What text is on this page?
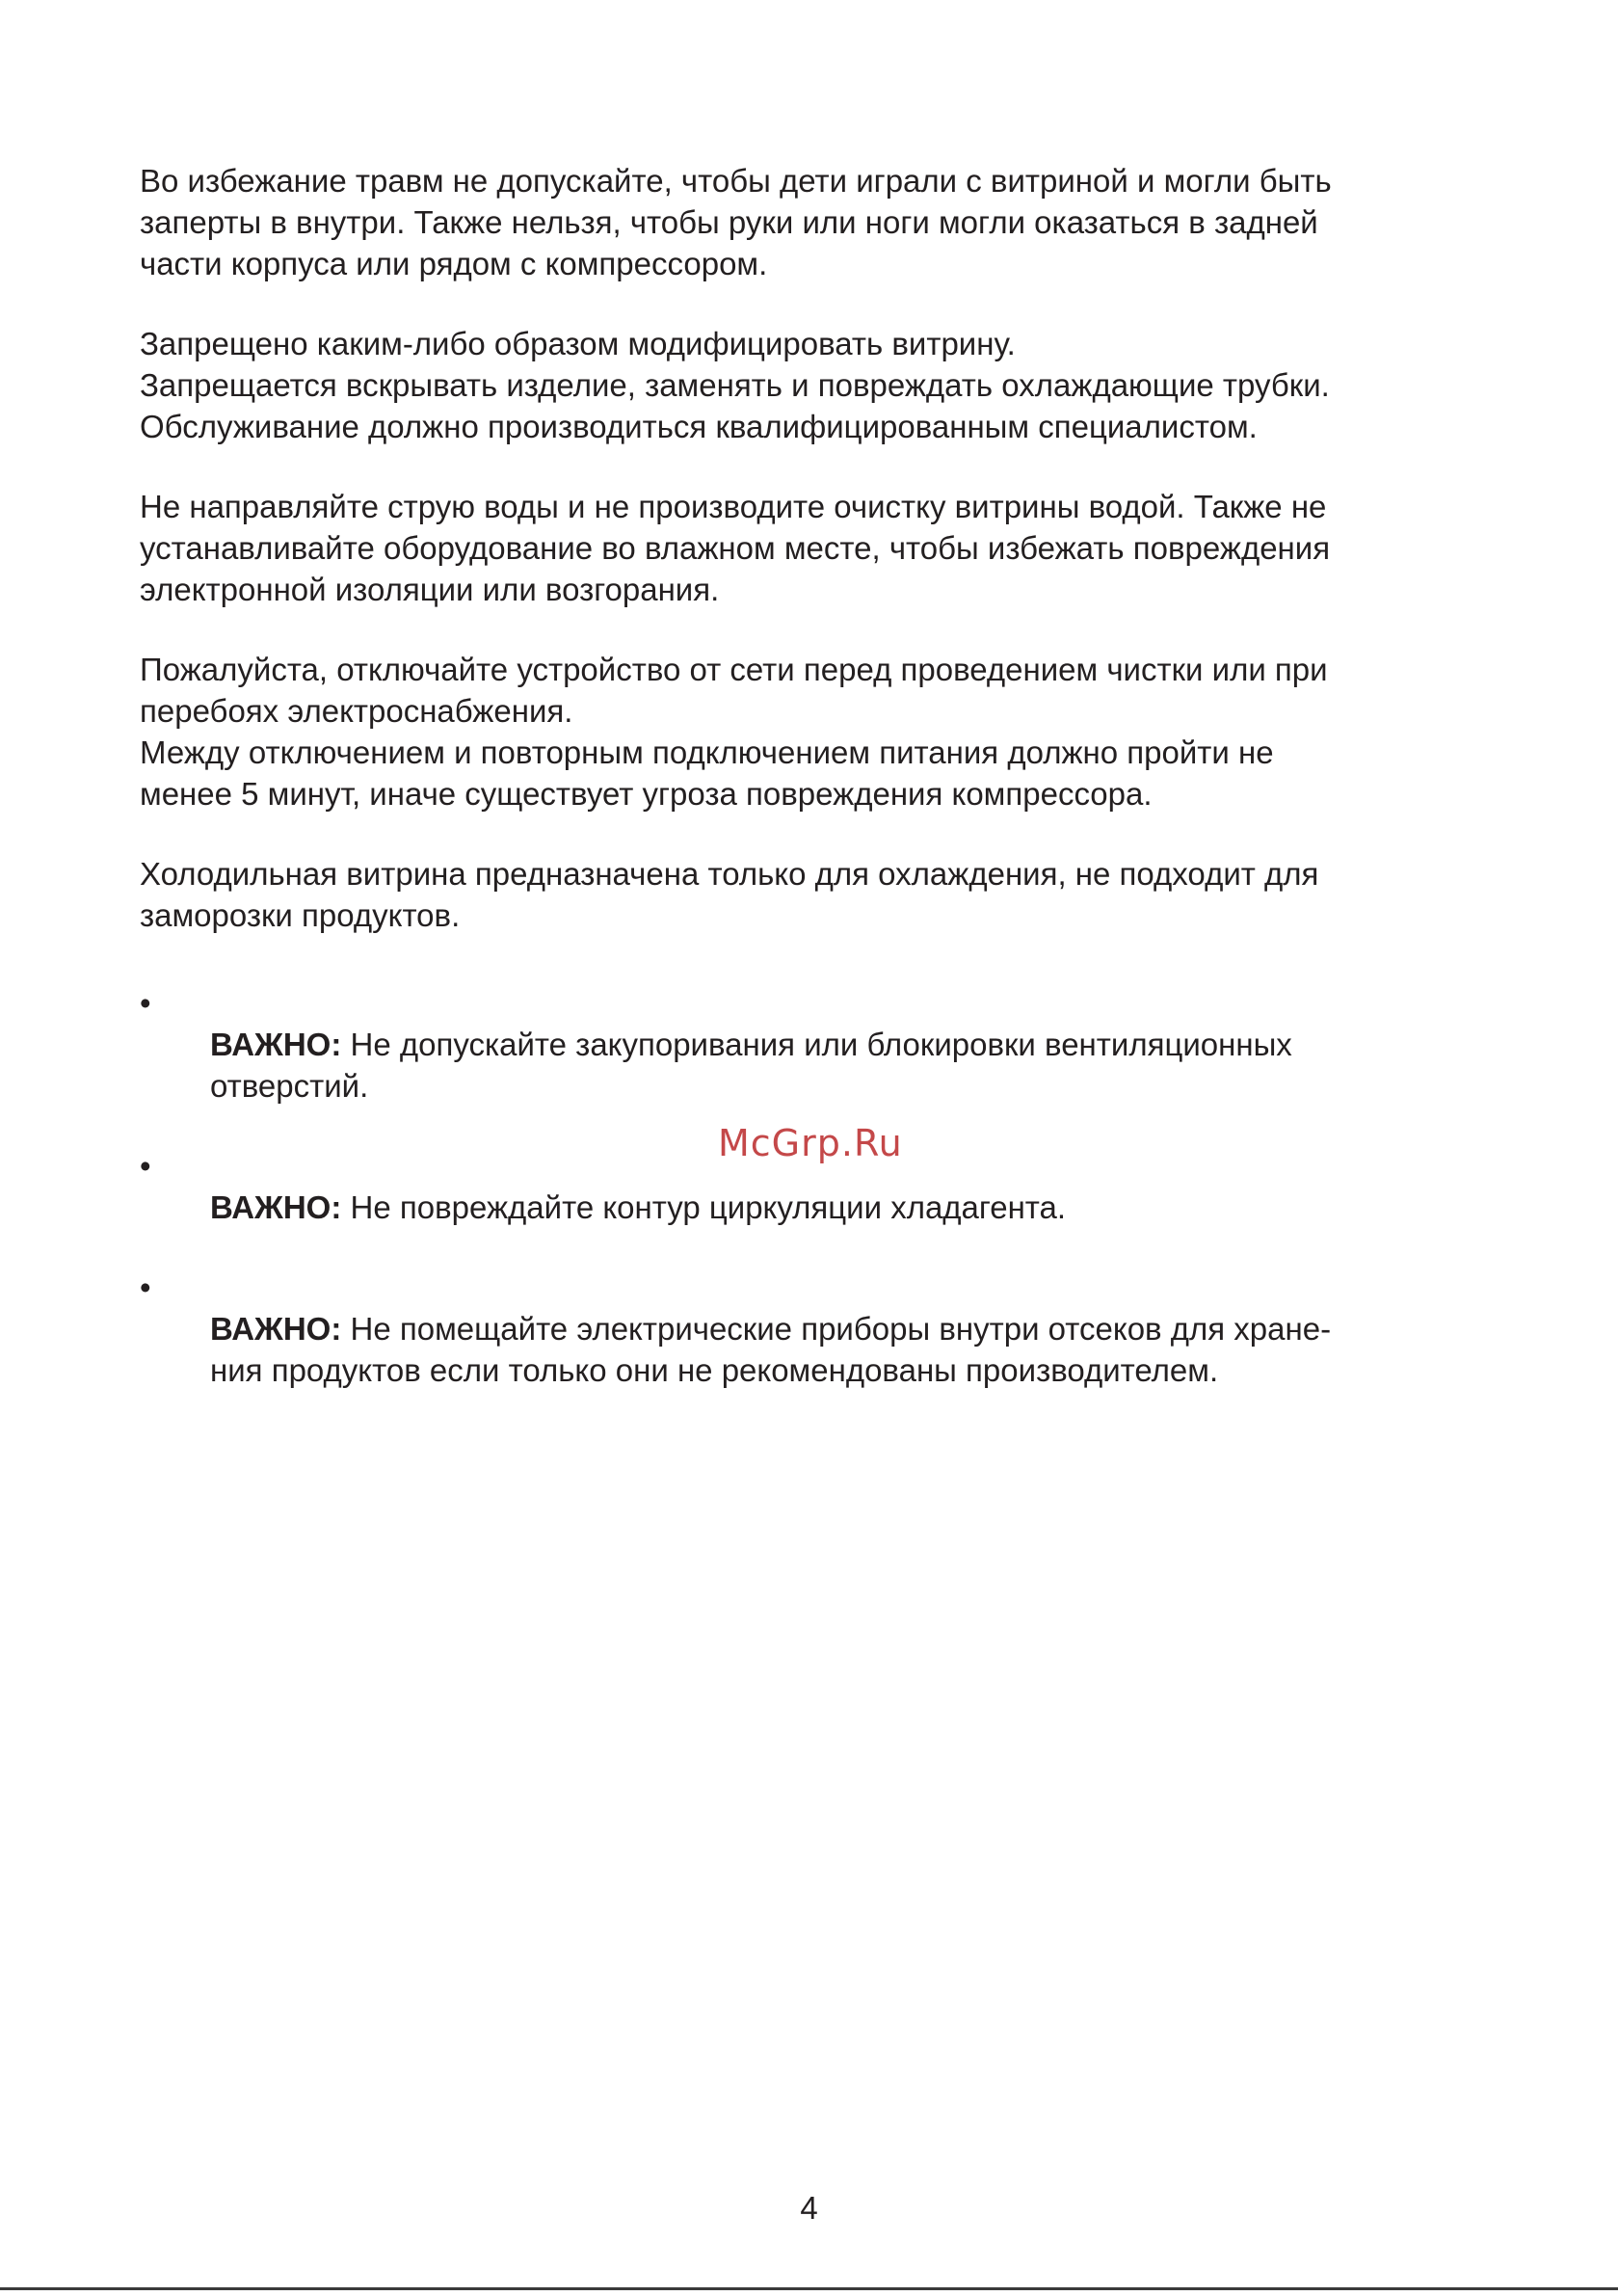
Во избежание травм не допускайте, чтобы дети играли с витриной и могли быть
заперты в внутри. Также нельзя, чтобы руки или ноги могли оказаться в задней
части корпуса или рядом с компрессором.

Запрещено каким-либо образом модифицировать витрину.
Запрещается вскрывать изделие, заменять и повреждать охлаждающие трубки.
Обслуживание должно производиться квалифицированным специалистом.

Не направляйте струю воды и не производите очистку витрины водой. Также не
устанавливайте оборудование во влажном месте, чтобы избежать повреждения
электронной изоляции или возгорания.

Пожалуйста, отключайте устройство от сети перед проведением чистки или при
перебоях электроснабжения.
Между отключением и повторным подключением питания должно пройти не
менее 5 минут, иначе существует угроза повреждения компрессора.

Холодильная витрина предназначена только для охлаждения, не подходит для
заморозки продуктов.

•
ВАЖНО: Не допускайте закупоривания или блокировки вентиляционных
отверстий.

•
ВАЖНО: Не повреждайте контур циркуляции хладагента.

•
ВАЖНО: Не помещайте электрические приборы внутри отсеков для хране-
ния продуктов если только они не рекомендованы производителем.

McGrp.Ru
4
